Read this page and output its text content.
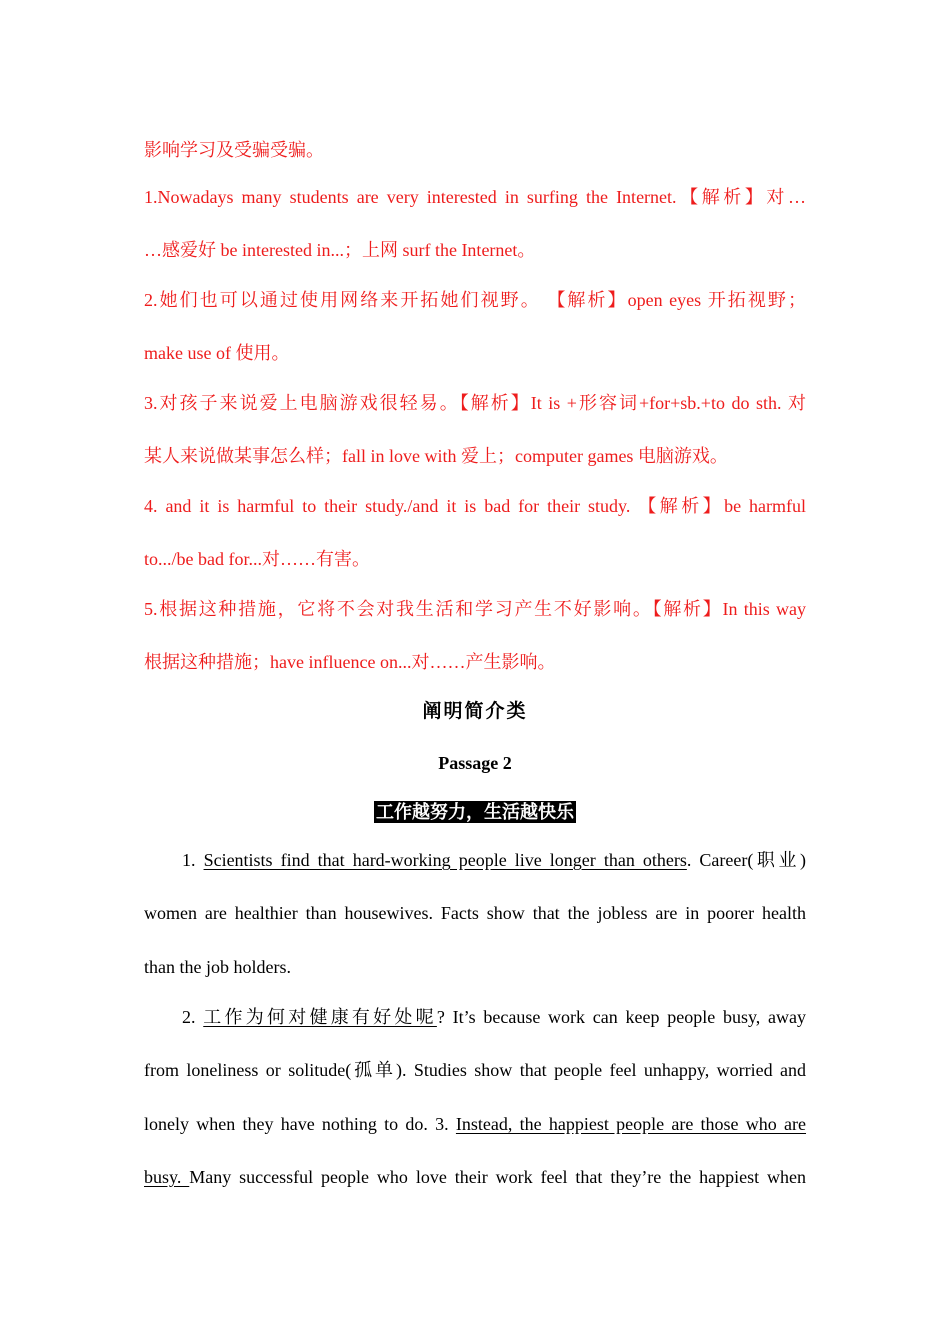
影响学习及受骗受骗。
1.Nowadays many students are very interested in surfing the Internet.【解析】对…
…感爱好 be interested in...；上网 surf the Internet。
2.她们也可以通过使用网络来开拓她们视野。 【解析】open eyes 开拓视野；
make use of 使用。
3.对孩子来说爱上电脑游戏很轻易。【解析】It is +形容词+for+sb.+to do sth. 对
某人来说做某事怎么样；fall in love with 爱上；computer games 电脑游戏。
4. and it is harmful to their study./and it is bad for their study. 【解析】be harmful
to.../be bad for...对……有害。
5.根据这种措施，它将不会对我生活和学习产生不好影响。【解析】In this way
根据这种措施；have influence on...对……产生影响。
阐明简介类
Passage 2
工作越努力，生活越快乐
1. Scientists find that hard-working people live longer than others. Career(职业)
women are healthier than housewives. Facts show that the jobless are in poorer health
than the job holders.
2. 工作为何对健康有好处呢? It’s because work can keep people busy, away
from loneliness or solitude(孤单). Studies show that people feel unhappy, worried and
lonely when they have nothing to do. 3. Instead, the happiest people are those who are
busy. Many successful people who love their work feel that they’re the happiest when
